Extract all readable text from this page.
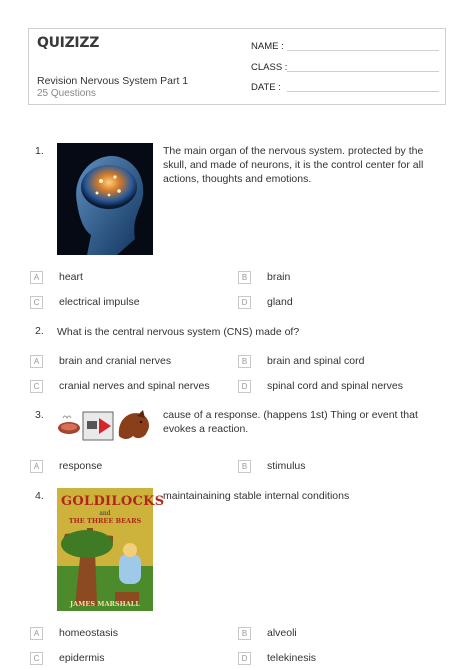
QUIZIZZ
Revision Nervous System Part 1
25 Questions
NAME :
CLASS :
DATE :
1.	The main organ of the nervous system. protected by the skull, and made of neurons, it is the control center for all actions, thoughts and emotions.
A	heart	B	brain
C	electrical impulse	D	gland
2. What is the central nervous system (CNS) made of?
A	brain and cranial nerves	B	brain and spinal cord
C	cranial nerves and spinal nerves	D	spinal cord and spinal nerves
3.	cause of a response. (happens 1st) Thing or event that evokes a reaction.
A	response	B	stimulus
4. GOLDILOCKS
and
THE THREE BEARS
JAMES MARSHALL
maintainaining stable internal conditions
A	homeostasis	B	alveoli
C	epidermis	D	telekinesis
